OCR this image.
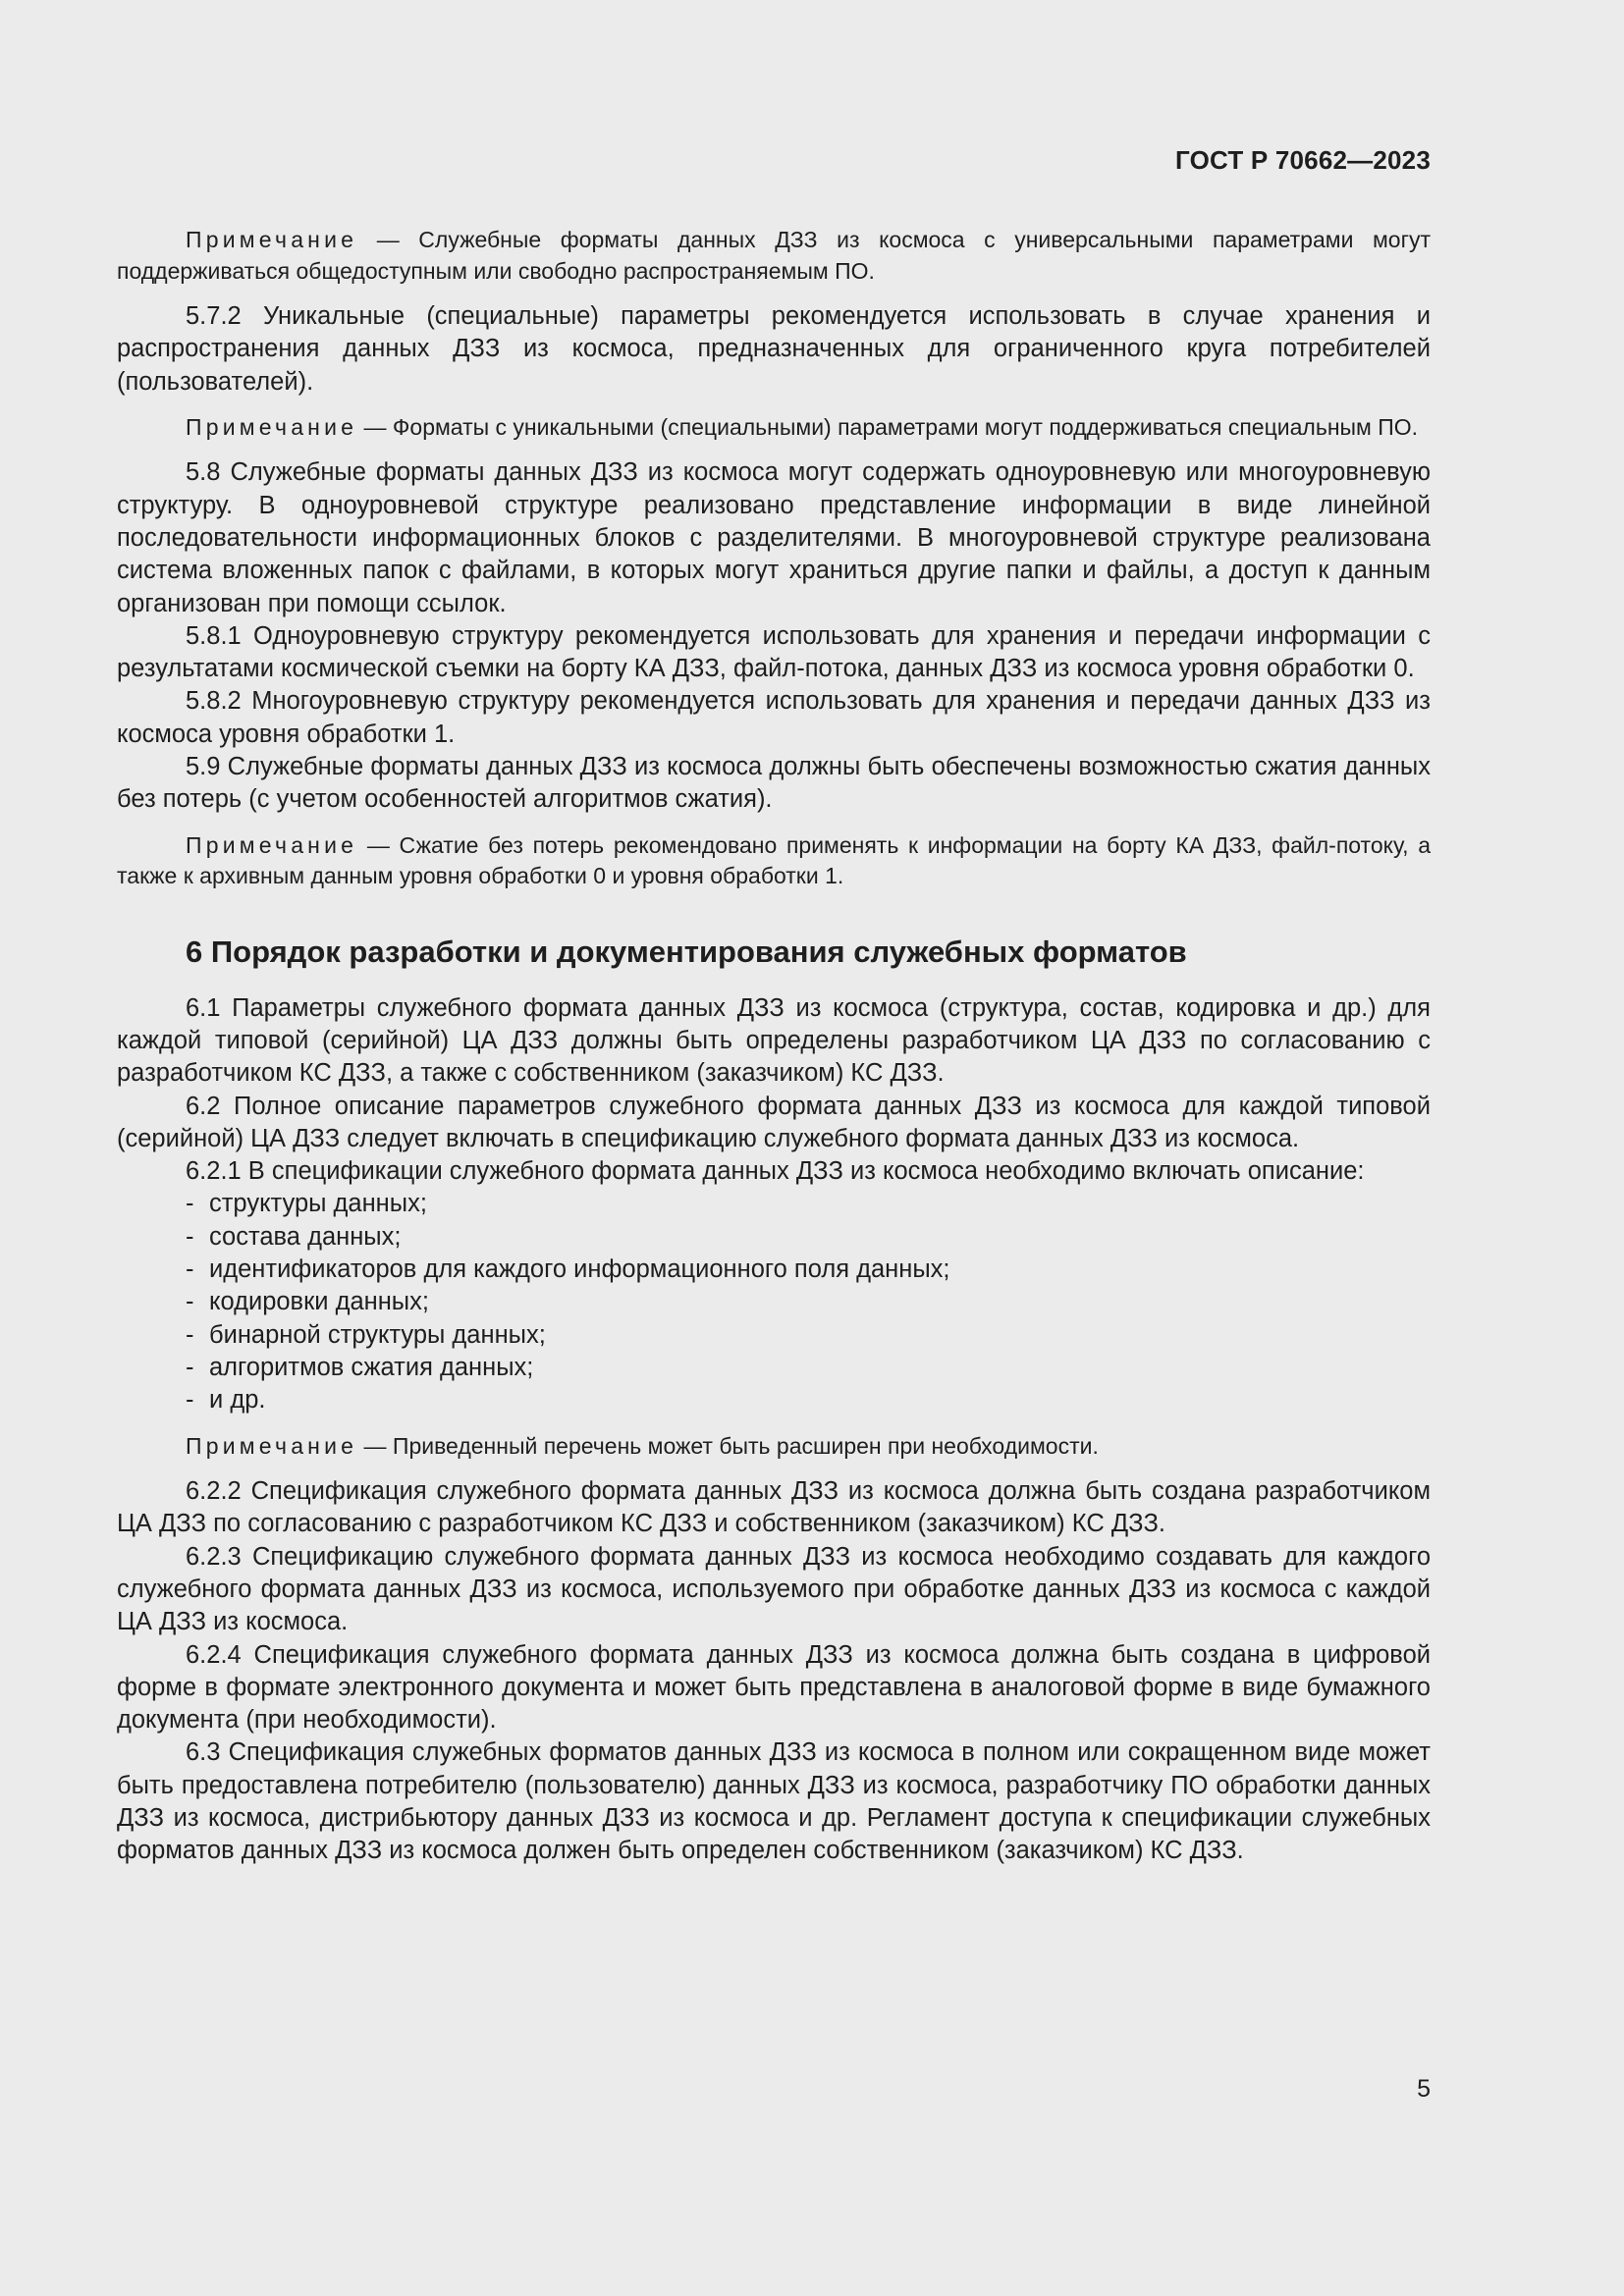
ГОСТ Р 70662—2023

Примечание — Служебные форматы данных ДЗЗ из космоса с универсальными параметрами могут поддерживаться общедоступным или свободно распространяемым ПО.

5.7.2 Уникальные (специальные) параметры рекомендуется использовать в случае хранения и распространения данных ДЗЗ из космоса, предназначенных для ограниченного круга потребителей (пользователей).

Примечание — Форматы с уникальными (специальными) параметрами могут поддерживаться специальным ПО.

5.8 Служебные форматы данных ДЗЗ из космоса могут содержать одноуровневую или многоуровневую структуру. В одноуровневой структуре реализовано представление информации в виде линейной последовательности информационных блоков с разделителями. В многоуровневой структуре реализована система вложенных папок с файлами, в которых могут храниться другие папки и файлы, а доступ к данным организован при помощи ссылок.

5.8.1 Одноуровневую структуру рекомендуется использовать для хранения и передачи информации с результатами космической съемки на борту КА ДЗЗ, файл-потока, данных ДЗЗ из космоса уровня обработки 0.

5.8.2 Многоуровневую структуру рекомендуется использовать для хранения и передачи данных ДЗЗ из космоса уровня обработки 1.

5.9 Служебные форматы данных ДЗЗ из космоса должны быть обеспечены возможностью сжатия данных без потерь (с учетом особенностей алгоритмов сжатия).

Примечание — Сжатие без потерь рекомендовано применять к информации на борту КА ДЗЗ, файл-потоку, а также к архивным данным уровня обработки 0 и уровня обработки 1.

6 Порядок разработки и документирования служебных форматов

6.1 Параметры служебного формата данных ДЗЗ из космоса (структура, состав, кодировка и др.) для каждой типовой (серийной) ЦА ДЗЗ должны быть определены разработчиком ЦА ДЗЗ по согласованию с разработчиком КС ДЗЗ, а также с собственником (заказчиком) КС ДЗЗ.

6.2 Полное описание параметров служебного формата данных ДЗЗ из космоса для каждой типовой (серийной) ЦА ДЗЗ следует включать в спецификацию служебного формата данных ДЗЗ из космоса.

6.2.1 В спецификации служебного формата данных ДЗЗ из космоса необходимо включать описание:

- структуры данных;
- состава данных;
- идентификаторов для каждого информационного поля данных;
- кодировки данных;
- бинарной структуры данных;
- алгоритмов сжатия данных;
- и др.

Примечание — Приведенный перечень может быть расширен при необходимости.

6.2.2 Спецификация служебного формата данных ДЗЗ из космоса должна быть создана разработчиком ЦА ДЗЗ по согласованию с разработчиком КС ДЗЗ и собственником (заказчиком) КС ДЗЗ.

6.2.3 Спецификацию служебного формата данных ДЗЗ из космоса необходимо создавать для каждого служебного формата данных ДЗЗ из космоса, используемого при обработке данных ДЗЗ из космоса с каждой ЦА ДЗЗ из космоса.

6.2.4 Спецификация служебного формата данных ДЗЗ из космоса должна быть создана в цифровой форме в формате электронного документа и может быть представлена в аналоговой форме в виде бумажного документа (при необходимости).

6.3 Спецификация служебных форматов данных ДЗЗ из космоса в полном или сокращенном виде может быть предоставлена потребителю (пользователю) данных ДЗЗ из космоса, разработчику ПО обработки данных ДЗЗ из космоса, дистрибьютору данных ДЗЗ из космоса и др. Регламент доступа к спецификации служебных форматов данных ДЗЗ из космоса должен быть определен собственником (заказчиком) КС ДЗЗ.

5
